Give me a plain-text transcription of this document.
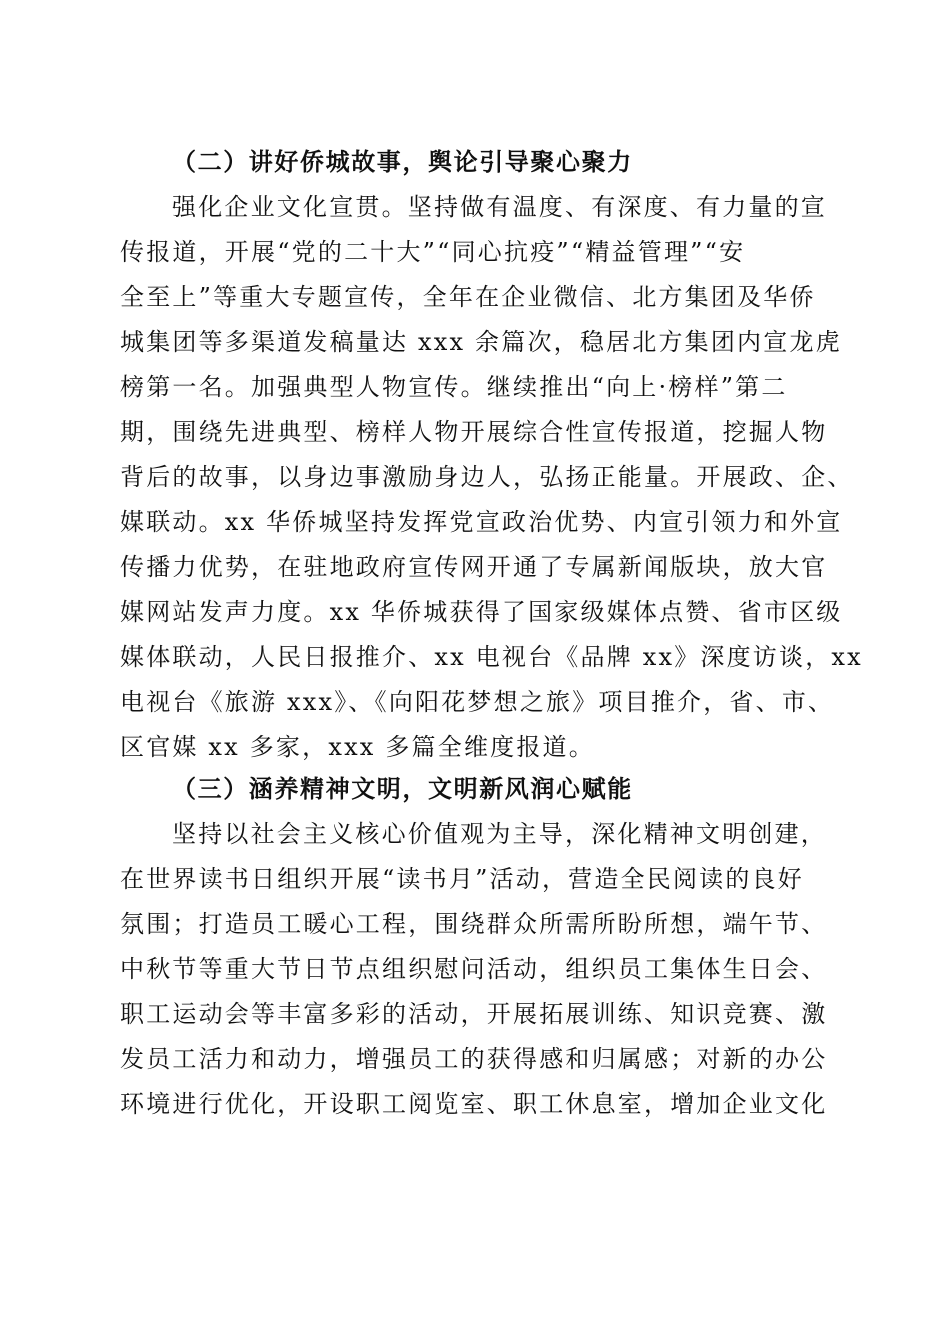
（二）讲好侨城故事，舆论引导聚心聚力
强化企业文化宣贯。坚持做有温度、有深度、有力量的宣
传报道，开展“党的二十大”“同心抗疫”“精益管理”“安
全至上”等重大专题宣传，全年在企业微信、北方集团及华侨
城集团等多渠道发稿量达 xxx 余篇次，稳居北方集团内宣龙虎
榜第一名。加强典型人物宣传。继续推出“向上·榜样”第二
期，围绕先进典型、榜样人物开展综合性宣传报道，挖掘人物
背后的故事，以身边事激励身边人，弘扬正能量。开展政、企、
媒联动。xx 华侨城坚持发挥党宣政治优势、内宣引领力和外宣
传播力优势，在驻地政府宣传网开通了专属新闻版块，放大官
媒网站发声力度。xx 华侨城获得了国家级媒体点赞、省市区级
媒体联动，人民日报推介、xx 电视台《品牌 xx》深度访谈，xx
电视台《旅游 xxx》、《向阳花梦想之旅》项目推介，省、市、
区官媒 xx 多家，xxx 多篇全维度报道。
（三）涵养精神文明，文明新风润心赋能
坚持以社会主义核心价值观为主导，深化精神文明创建，
在世界读书日组织开展“读书月”活动，营造全民阅读的良好
氛围；打造员工暖心工程，围绕群众所需所盼所想，端午节、
中秋节等重大节日节点组织慰问活动，组织员工集体生日会、
职工运动会等丰富多彩的活动，开展拓展训练、知识竞赛、激
发员工活力和动力，增强员工的获得感和归属感；对新的办公
环境进行优化，开设职工阅览室、职工休息室，增加企业文化
